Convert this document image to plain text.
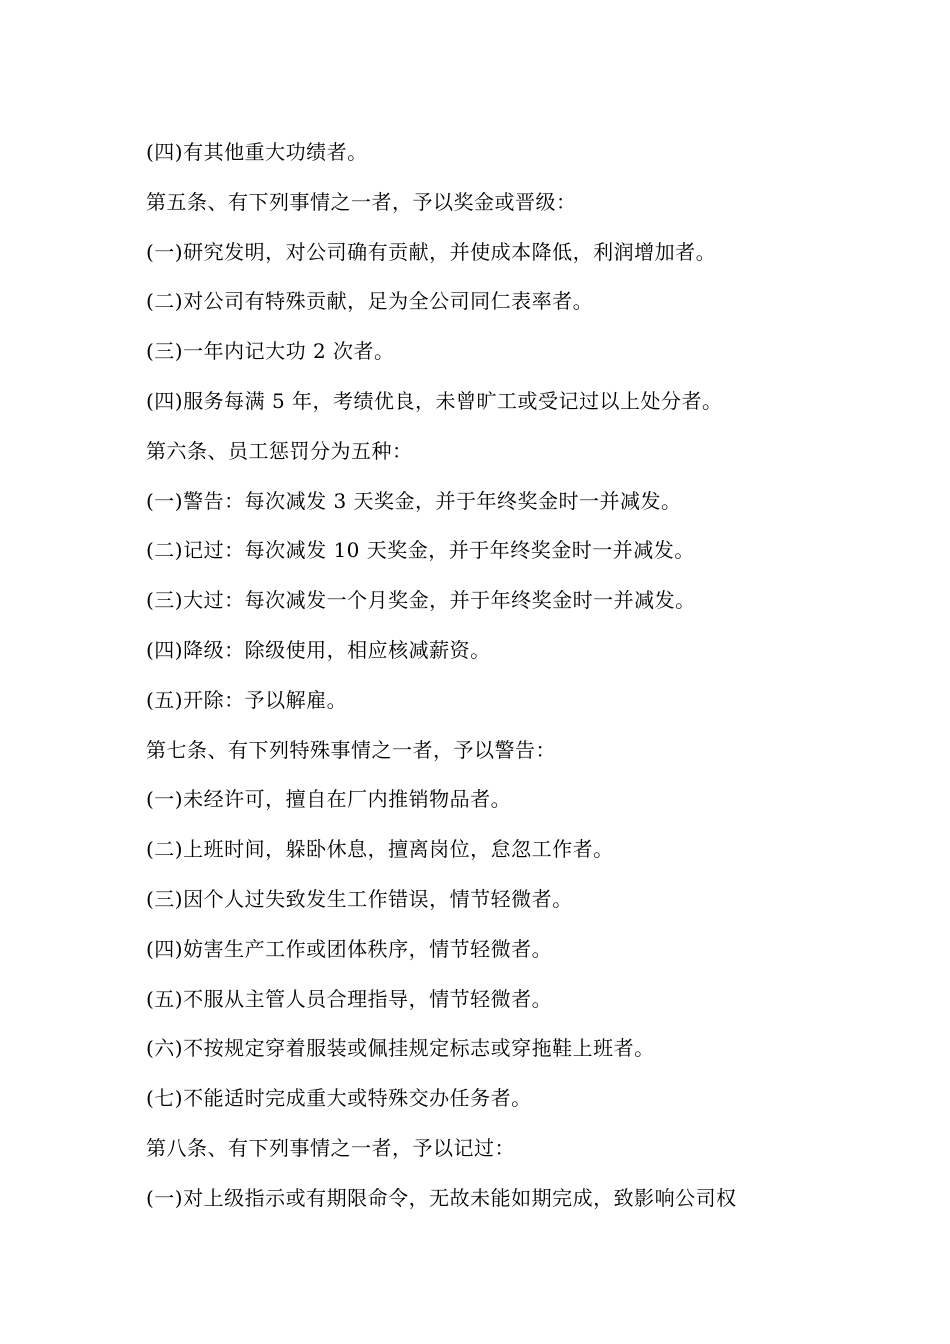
(四)有其他重大功绩者。

第五条、有下列事情之一者，予以奖金或晋级：

(一)研究发明，对公司确有贡献，并使成本降低，利润增加者。

(二)对公司有特殊贡献，足为全公司同仁表率者。

(三)一年内记大功 2 次者。

(四)服务每满 5 年，考绩优良，未曾旷工或受记过以上处分者。

第六条、员工惩罚分为五种：

(一)警告：每次减发 3 天奖金，并于年终奖金时一并减发。

(二)记过：每次减发 10 天奖金，并于年终奖金时一并减发。

(三)大过：每次减发一个月奖金，并于年终奖金时一并减发。

(四)降级：除级使用，相应核减薪资。

(五)开除：予以解雇。

第七条、有下列特殊事情之一者，予以警告：

(一)未经许可，擅自在厂内推销物品者。

(二)上班时间，躲卧休息，擅离岗位，怠忽工作者。

(三)因个人过失致发生工作错误，情节轻微者。

(四)妨害生产工作或团体秩序，情节轻微者。

(五)不服从主管人员合理指导，情节轻微者。

(六)不按规定穿着服装或佩挂规定标志或穿拖鞋上班者。

(七)不能适时完成重大或特殊交办任务者。

第八条、有下列事情之一者，予以记过：

(一)对上级指示或有期限命令，无故未能如期完成，致影响公司权
